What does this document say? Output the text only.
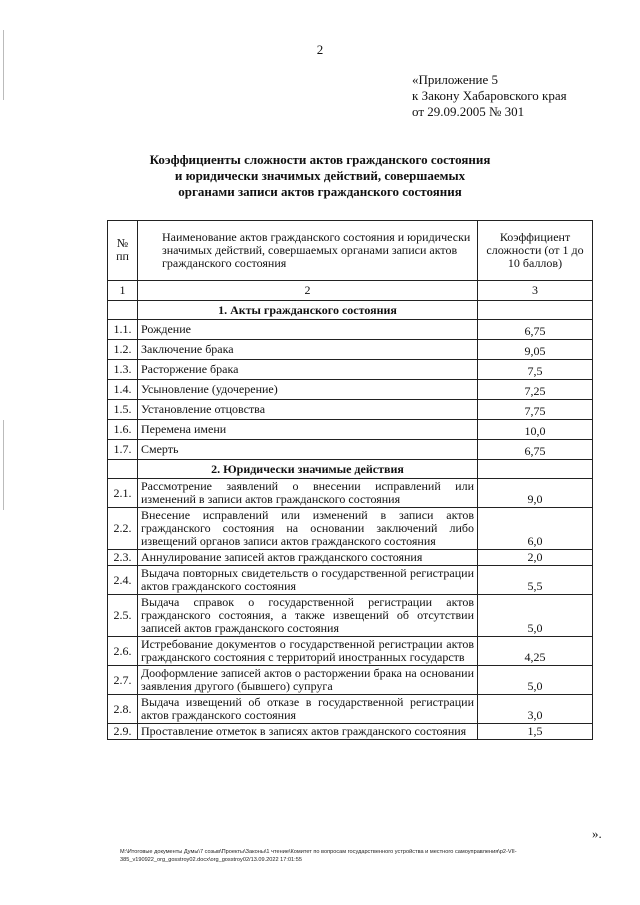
2
«Приложение 5
к Закону Хабаровского края
от 29.09.2005 № 301
Коэффициенты сложности актов гражданского состояния
и юридически значимых действий, совершаемых
органами записи актов гражданского состояния
№ пп	Наименование актов гражданского состояния и юридически значимых действий, совершаемых органами записи актов гражданского состояния	Коэффициент сложности (от 1 до 10 баллов)
1	2	3
	1. Акты гражданского состояния	
1.1.	Рождение	6,75
1.2.	Заключение брака	9,05
1.3.	Расторжение брака	7,5
1.4.	Усыновление (удочерение)	7,25
1.5.	Установление отцовства	7,75
1.6.	Перемена имени	10,0
1.7.	Смерть	6,75
	2. Юридически значимые действия	
2.1.	Рассмотрение заявлений о внесении исправлений или изменений в записи актов гражданского состояния	9,0
2.2.	Внесение исправлений или изменений в записи актов гражданского состояния на основании заключений либо извещений органов записи актов гражданского состояния	6,0
2.3.	Аннулирование записей актов гражданского состояния	2,0
2.4.	Выдача повторных свидетельств о государственной регистрации актов гражданского состояния	5,5
2.5.	Выдача справок о государственной регистрации актов гражданского состояния, а также извещений об отсутствии записей актов гражданского состояния	5,0
2.6.	Истребование документов о государственной регистрации актов гражданского состояния с территорий иностранных государств	4,25
2.7.	Дооформление записей актов о расторжении брака на основании заявления другого (бывшего) супруга	5,0
2.8.	Выдача извещений об отказе в государственной регистрации актов гражданского состояния	3,0
2.9.	Проставление отметок в записях актов гражданского состояния	1,5
».
M:\Итоговые документы Думы\7 созыв\Проекты\Законы\1 чтение\Комитет по вопросам государственного устройства и местного самоуправления\р2-VII-385_v190922_org_gosstroy02.docx\org_gosstroy02/13.09.2022 17:01:55
